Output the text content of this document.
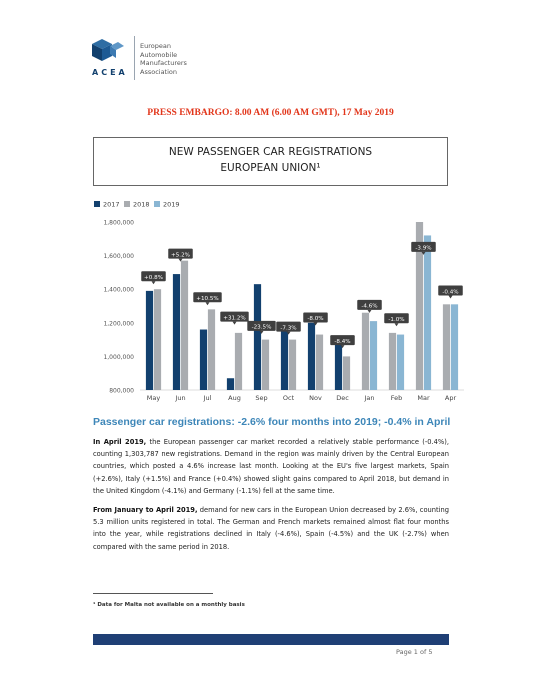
ACEA
European
Automobile
Manufacturers
Association
PRESS EMBARGO: 8.00 AM (6.00 AM GMT), 17 May 2019
NEW PASSENGER CAR REGISTRATIONS
EUROPEAN UNION¹
2017 2018 2019
800,000
1,000,000
1,200,000
1,400,000
1,600,000
1,800,000
May
+0.8%
Jun
+5.2%
Jul
+10.5%
Aug
+31.2%
Sep
-23.5%
Oct
-7.3%
Nov
-8.0%
Dec
-8.4%
Jan
-4.6%
Feb
-1.0%
Mar
-3.9%
Apr
-0.4%
Passenger car registrations: -2.6% four months into 2019; -0.4% in April
In April 2019, the European passenger car market recorded a relatively stable performance (-0.4%), counting 1,303,787 new registrations. Demand in the region was mainly driven by the Central European countries, which posted a 4.6% increase last month. Looking at the EU's five largest markets, Spain (+2.6%), Italy (+1.5%) and France (+0.4%) showed slight gains compared to April 2018, but demand in the United Kingdom (-4.1%) and Germany (-1.1%) fell at the same time.
From January to April 2019, demand for new cars in the European Union decreased by 2.6%, counting 5.3 million units registered in total. The German and French markets remained almost flat four months into the year, while registrations declined in Italy (-4.6%), Spain (-4.5%) and the UK (-2.7%) when compared with the same period in 2018.
¹ Data for Malta not available on a monthly basis
Page 1 of 5
